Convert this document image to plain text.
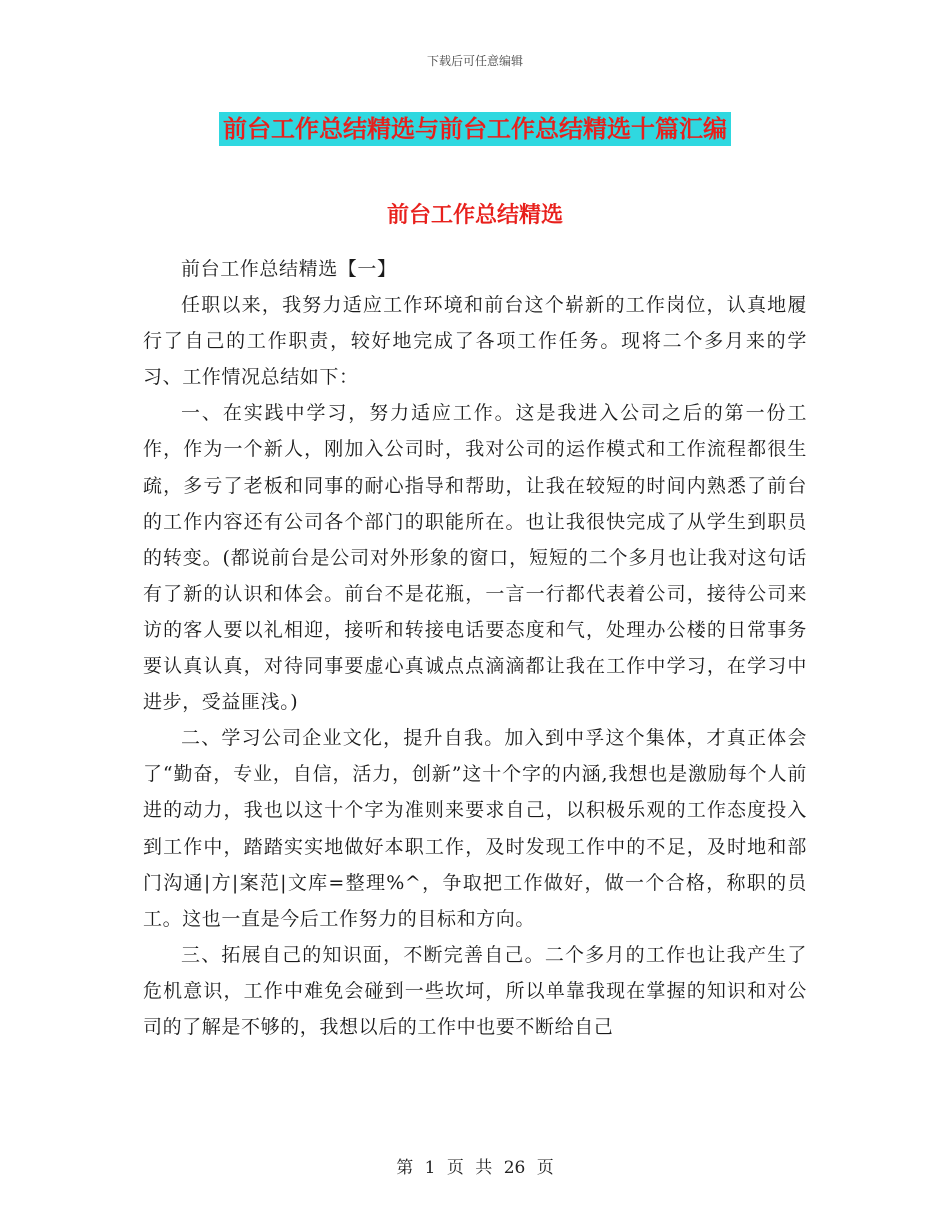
下载后可任意编辑
前台工作总结精选与前台工作总结精选十篇汇编
前台工作总结精选

前台工作总结精选【一】

任职以来，我努力适应工作环境和前台这个崭新的工作岗位，认真地履行了自己的工作职责，较好地完成了各项工作任务。现将二个多月来的学习、工作情况总结如下：

一、在实践中学习，努力适应工作。这是我进入公司之后的第一份工作，作为一个新人，刚加入公司时，我对公司的运作模式和工作流程都很生疏，多亏了老板和同事的耐心指导和帮助，让我在较短的时间内熟悉了前台的工作内容还有公司各个部门的职能所在。也让我很快完成了从学生到职员的转变。(都说前台是公司对外形象的窗口，短短的二个多月也让我对这句话有了新的认识和体会。前台不是花瓶，一言一行都代表着公司，接待公司来访的客人要以礼相迎，接听和转接电话要态度和气，处理办公楼的日常事务要认真认真，对待同事要虚心真诚点点滴滴都让我在工作中学习，在学习中进步，受益匪浅。)

二、学习公司企业文化，提升自我。加入到中孚这个集体，才真正体会了“勤奋，专业，自信，活力，创新”这十个字的内涵,我想也是激励每个人前进的动力，我也以这十个字为准则来要求自己，以积极乐观的工作态度投入到工作中，踏踏实实地做好本职工作，及时发现工作中的不足，及时地和部门沟通|方|案范|文库=整理%^，争取把工作做好，做一个合格，称职的员工。这也一直是今后工作努力的目标和方向。

三、拓展自己的知识面，不断完善自己。二个多月的工作也让我产生了危机意识，工作中难免会碰到一些坎坷，所以单靠我现在掌握的知识和对公司的了解是不够的，我想以后的工作中也要不断给自己

第 1 页 共 26 页
